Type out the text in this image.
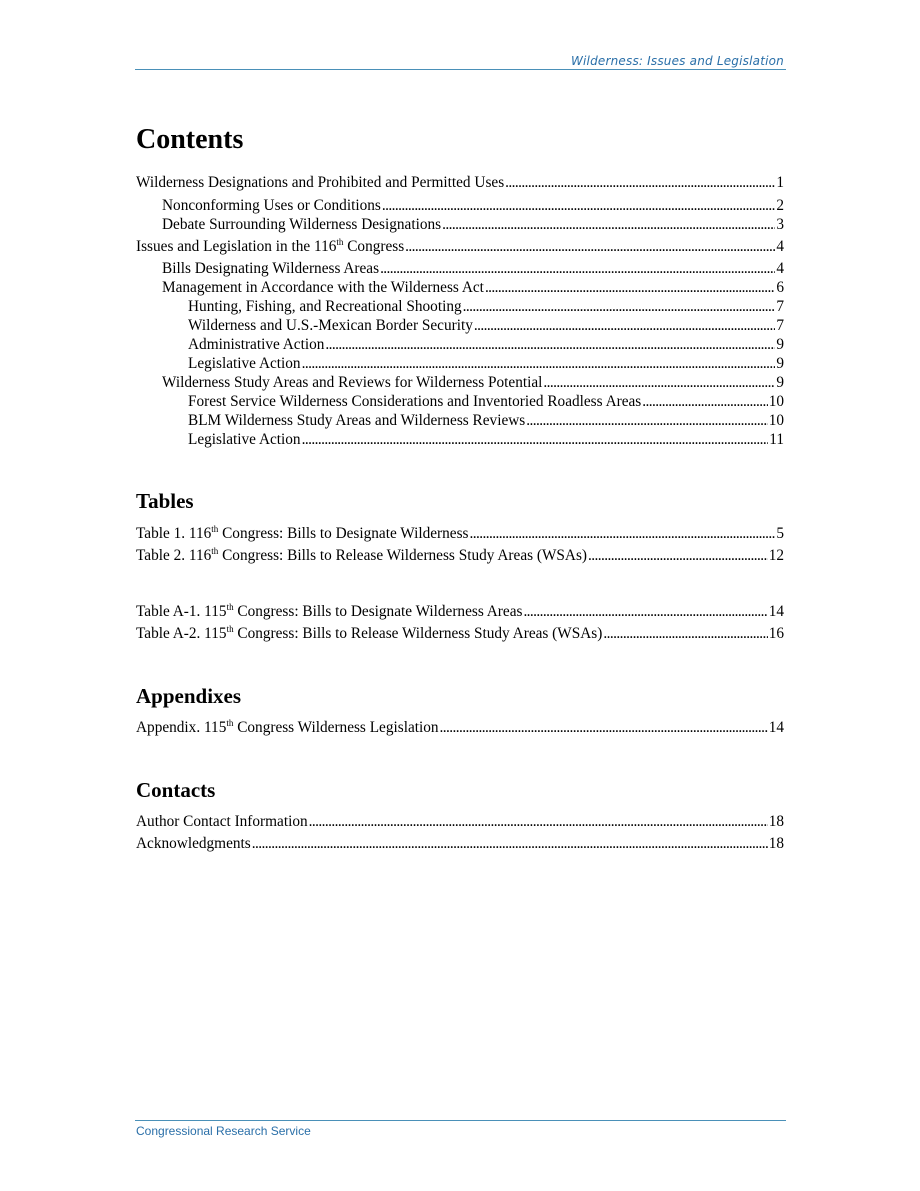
Wilderness: Issues and Legislation
Contents
Wilderness Designations and Prohibited and Permitted Uses . . .	1
Nonconforming Uses or Conditions . . .	2
Debate Surrounding Wilderness Designations . . .	3
Issues and Legislation in the 116th Congress . . .	4
Bills Designating Wilderness Areas . . .	4
Management in Accordance with the Wilderness Act . . .	6
Hunting, Fishing, and Recreational Shooting . . .	7
Wilderness and U.S.-Mexican Border Security . . .	7
Administrative Action . . .	9
Legislative Action . . .	9
Wilderness Study Areas and Reviews for Wilderness Potential . . .	9
Forest Service Wilderness Considerations and Inventoried Roadless Areas . . .	10
BLM Wilderness Study Areas and Wilderness Reviews . . .	10
Legislative Action . . .	11
Tables
Table 1. 116th Congress: Bills to Designate Wilderness . . .	5
Table 2. 116th Congress: Bills to Release Wilderness Study Areas (WSAs) . . .	12
Table A-1. 115th Congress: Bills to Designate Wilderness Areas . . .	14
Table A-2. 115th Congress: Bills to Release Wilderness Study Areas (WSAs) . . .	16
Appendixes
Appendix. 115th Congress Wilderness Legislation . . .	14
Contacts
Author Contact Information . . .	18
Acknowledgments . . .	18
Congressional Research Service
